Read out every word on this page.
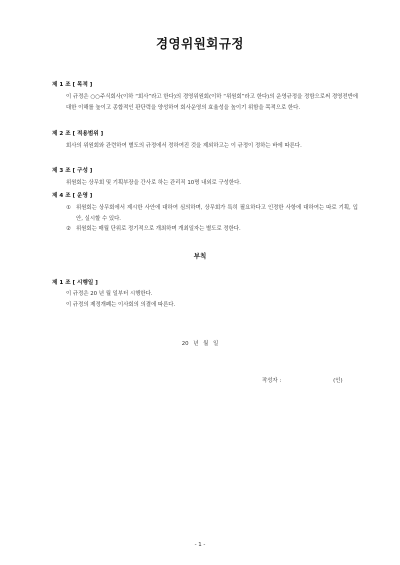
경영위원회규정
제 1 조 [ 목적 ]
이 규정은 ○○주식회사(이하 “회사”라고 한다)의 경영위원회(이하 “위원회”라고 한다)의 운영규정을 정함으로써 경영전반에 대한 이해를 높이고 종합적인 판단력을 양성하여 회사운영의 효율성을 높이기 위함을 목적으로 한다.
제 2 조 [ 적용범위 ]
회사의 위원회와 관련하여 별도의 규정에서 정하여진 것을 제외하고는 이 규정이 정하는 바에 따른다.
제 3 조 [ 구성 ]
위원회는 상무회 및 기획부장을 간사로 하는 관리직 10명 내외로 구성한다.
제 4 조 [ 운영 ]
① 위원회는 상무회에서 제시한 사안에 대하여 심의하며, 상무회가 특히 필요하다고 인정한 사항에 대하여는 따로 기획, 입안, 실시할 수 있다.
② 위원회는 매월 단위로 정기적으로 개최하며 개최일자는 별도로 정한다.
부칙
제 1 조 [ 시행일 ]
이 규정은 20 년 월 일부터 시행한다.
이 규정의 제정개폐는 이사회의 의결에 따른다.
20 년 월 일
작성자 :	(인)
- 1 -
